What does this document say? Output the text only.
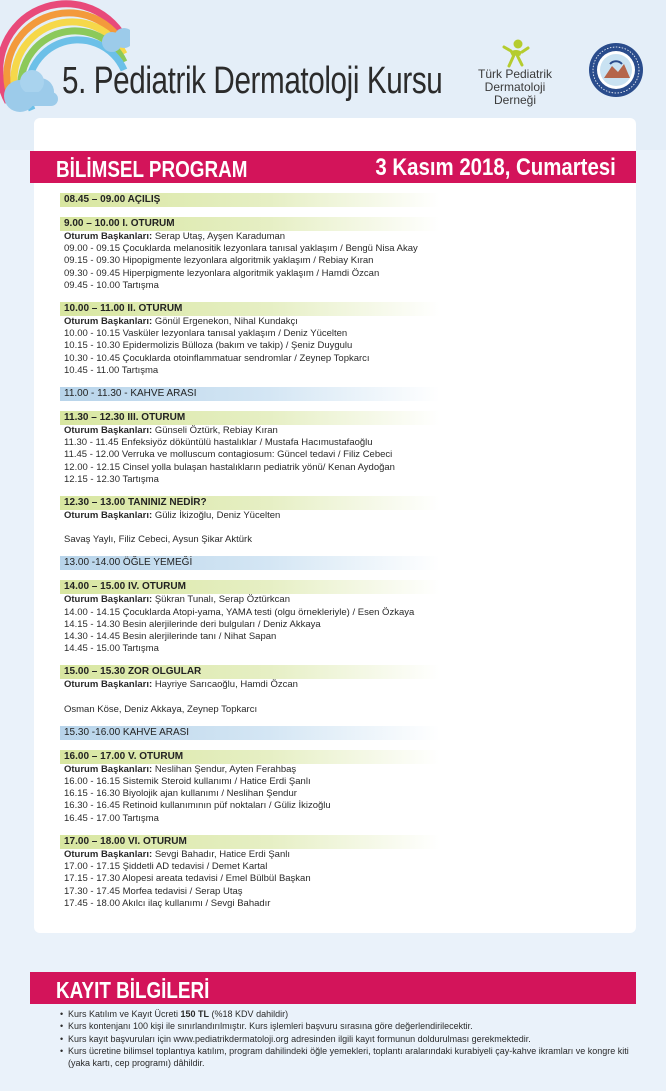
5. Pediatrik Dermatoloji Kursu	Türk Pediatrik
Dermatoloji
Derneği
BİLİMSEL PROGRAM	3 Kasım 2018, Cumartesi
08.45 – 09.00 AÇILIŞ
9.00 – 10.00 I. OTURUM
Oturum Başkanları: Serap Utaş, Ayşen Karaduman
09.00 - 09.15 Çocuklarda melanositik lezyonlara tanısal yaklaşım / Bengü Nisa Akay
09.15 - 09.30 Hipopigmente lezyonlara algoritmik yaklaşım / Rebiay Kıran
09.30 - 09.45 Hiperpigmente lezyonlara algoritmik yaklaşım / Hamdi Özcan
09.45 - 10.00 Tartışma
10.00 – 11.00 II. OTURUM
Oturum Başkanları: Gönül Ergenekon, Nihal Kundakçı
10.00 - 10.15 Vasküler lezyonlara tanısal yaklaşım / Deniz Yücelten
10.15 - 10.30 Epidermolizis Bülloza (bakım ve takip) / Şeniz Duygulu
10.30 - 10.45 Çocuklarda otoinflammatuar sendromlar / Zeynep Topkarcı
10.45 - 11.00 Tartışma
11.00 - 11.30 - KAHVE ARASI
11.30 – 12.30 III. OTURUM
Oturum Başkanları: Günseli Öztürk, Rebiay Kıran
11.30 - 11.45 Enfeksiyöz döküntülü hastalıklar / Mustafa Hacımustafaoğlu
11.45 - 12.00 Verruka ve molluscum contagiosum: Güncel tedavi / Filiz Cebeci
12.00 - 12.15 Cinsel yolla bulaşan hastalıkların pediatrik yönü/ Kenan Aydoğan
12.15 - 12.30 Tartışma
12.30 – 13.00 TANINIZ NEDİR?
Oturum Başkanları: Güliz İkizoğlu, Deniz Yücelten
Savaş Yaylı, Filiz Cebeci, Aysun Şikar Aktürk
13.00 -14.00 ÖĞLE YEMEĞİ
14.00 – 15.00 IV. OTURUM
Oturum Başkanları: Şükran Tunalı, Serap Öztürkcan
14.00 - 14.15 Çocuklarda Atopi-yama, YAMA testi (olgu örnekleriyle) / Esen Özkaya
14.15 - 14.30 Besin alerjilerinde deri bulguları / Deniz Akkaya
14.30 - 14.45 Besin alerjilerinde tanı / Nihat Sapan
14.45 - 15.00 Tartışma
15.00 – 15.30 ZOR OLGULAR
Oturum Başkanları: Hayriye Sarıcaoğlu, Hamdi Özcan
Osman Köse, Deniz Akkaya, Zeynep Topkarcı
15.30 -16.00 KAHVE ARASI
16.00 – 17.00 V. OTURUM
Oturum Başkanları: Neslihan Şendur, Ayten Ferahbaş
16.00 - 16.15 Sistemik Steroid kullanımı / Hatice Erdi Şanlı
16.15 - 16.30 Biyolojik ajan kullanımı / Neslihan Şendur
16.30 - 16.45 Retinoid kullanımının püf noktaları / Güliz İkizoğlu
16.45 - 17.00 Tartışma
17.00 – 18.00 VI. OTURUM
Oturum Başkanları: Sevgi Bahadır, Hatice Erdi Şanlı
17.00 - 17.15 Şiddetli AD tedavisi / Demet Kartal
17.15 - 17.30 Alopesi areata tedavisi / Emel Bülbül Başkan
17.30 - 17.45 Morfea tedavisi / Serap Utaş
17.45 - 18.00 Akılcı ilaç kullanımı / Sevgi Bahadır
KAYIT BİLGİLERİ
• Kurs Katılım ve Kayıt Ücreti 150 TL (%18 KDV dahildir)
• Kurs kontenjanı 100 kişi ile sınırlandırılmıştır. Kurs işlemleri başvuru sırasına göre değerlendirilecektir.
• Kurs kayıt başvuruları için www.pediatrikdermatoloji.org adresinden ilgili kayıt formunun doldurulması gerekmektedir.
• Kurs ücretine bilimsel toplantıya katılım, program dahilindeki öğle yemekleri, toplantı aralarındaki kurabiyeli çay-kahve ikramları ve kongre kiti (yaka kartı, cep programı) dâhildir.
